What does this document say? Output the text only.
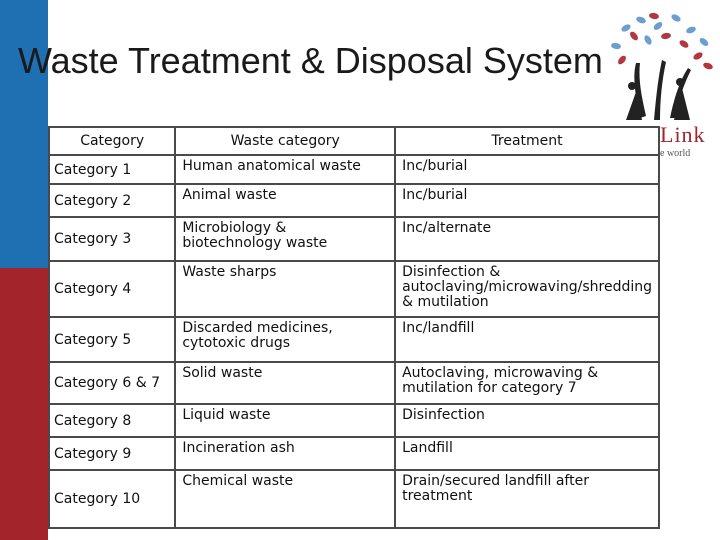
Waste Treatment & Disposal System
Link
e world
Category	Waste category	Treatment
Category 1	Human anatomical waste	Inc/burial
Category 2	Animal waste	Inc/burial
Category 3	Microbiology & biotechnology waste	Inc/alternate
Category 4	Waste sharps	Disinfection & autoclaving/microwaving/shredding & mutilation
Category 5	Discarded medicines, cytotoxic drugs	Inc/landfill
Category 6 & 7	Solid waste	Autoclaving, microwaving & mutilation for category 7
Category 8	Liquid waste	Disinfection
Category 9	Incineration ash	Landfill
Category 10	Chemical waste	Drain/secured landfill after treatment
